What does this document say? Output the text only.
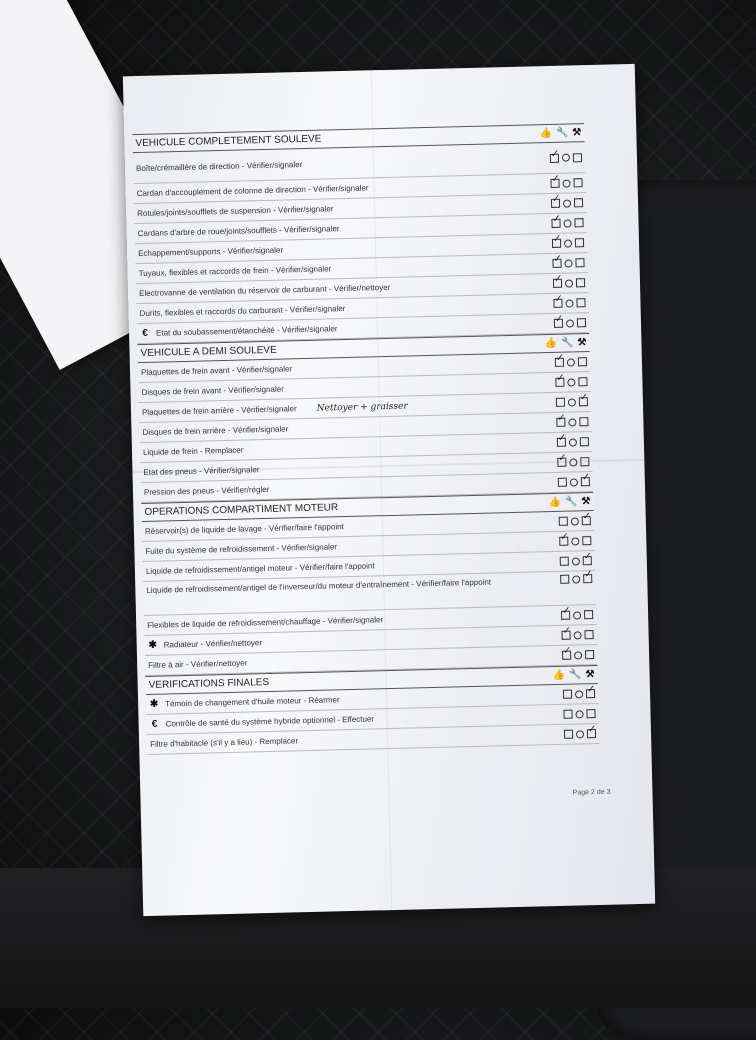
VEHICULE COMPLETEMENT SOULEVE	👍 🔧 ⚒
Boîte/crémaillère de direction - Vérifier/signaler
✓
Cardan d'accouplement de colonne de direction - Vérifier/signaler
✓
Rotules/joints/soufflets de suspension - Vérifier/signaler
✓
Cardans d'arbre de roue/joints/soufflets - Vérifier/signaler
✓
Echappement/supports - Vérifier/signaler
✓
Tuyaux, flexibles et raccords de frein - Vérifier/signaler
✓
Electrovanne de ventilation du réservoir de carburant - Vérifier/nettoyer
✓
Durits, flexibles et raccords du carburant - Vérifier/signaler
✓
€ Etat du soubassement/étanchéité - Vérifier/signaler
✓
VEHICULE A DEMI SOULEVE
👍 🔧 ⚒
Plaquettes de frein avant - Vérifier/signaler
✓
Disques de frein avant - Vérifier/signaler
✓
Plaquettes de frein arrière - Vérifier/signaler Nettoyer + graisser
✓
Disques de frein arrière - Vérifier/signaler
✓
Liquide de frein - Remplacer
✓
Etat des pneus - Vérifier/signaler
✓
Pression des pneus - Vérifier/régler
✓
OPERATIONS COMPARTIMENT MOTEUR	👍 🔧 ⚒
Réservoir(s) de liquide de lavage - Vérifier/faire l'appoint
✓
Fuite du système de refroidissement - Vérifier/signaler
✓
Liquide de refroidissement/antigel moteur - Vérifier/faire l'appoint
✓
Liquide de refroidissement/antigel de l'inverseur/du moteur d'entraînement - Vérifier/faire l'appoint
✓
Flexibles de liquide de refroidissement/chauffage - Vérifier/signaler
✓
✱ Radiateur - Vérifier/nettoyer
✓
Filtre à air - Vérifier/nettoyer
✓
VERIFICATIONS FINALES
👍 🔧 ⚒
✱ Témoin de changement d'huile moteur - Réarmer
✓
€ Contrôle de santé du système hybride optionnel - Effectuer
Filtre d'habitacle (s'il y a lieu) - Remplacer
✓
Page 2 de 3
